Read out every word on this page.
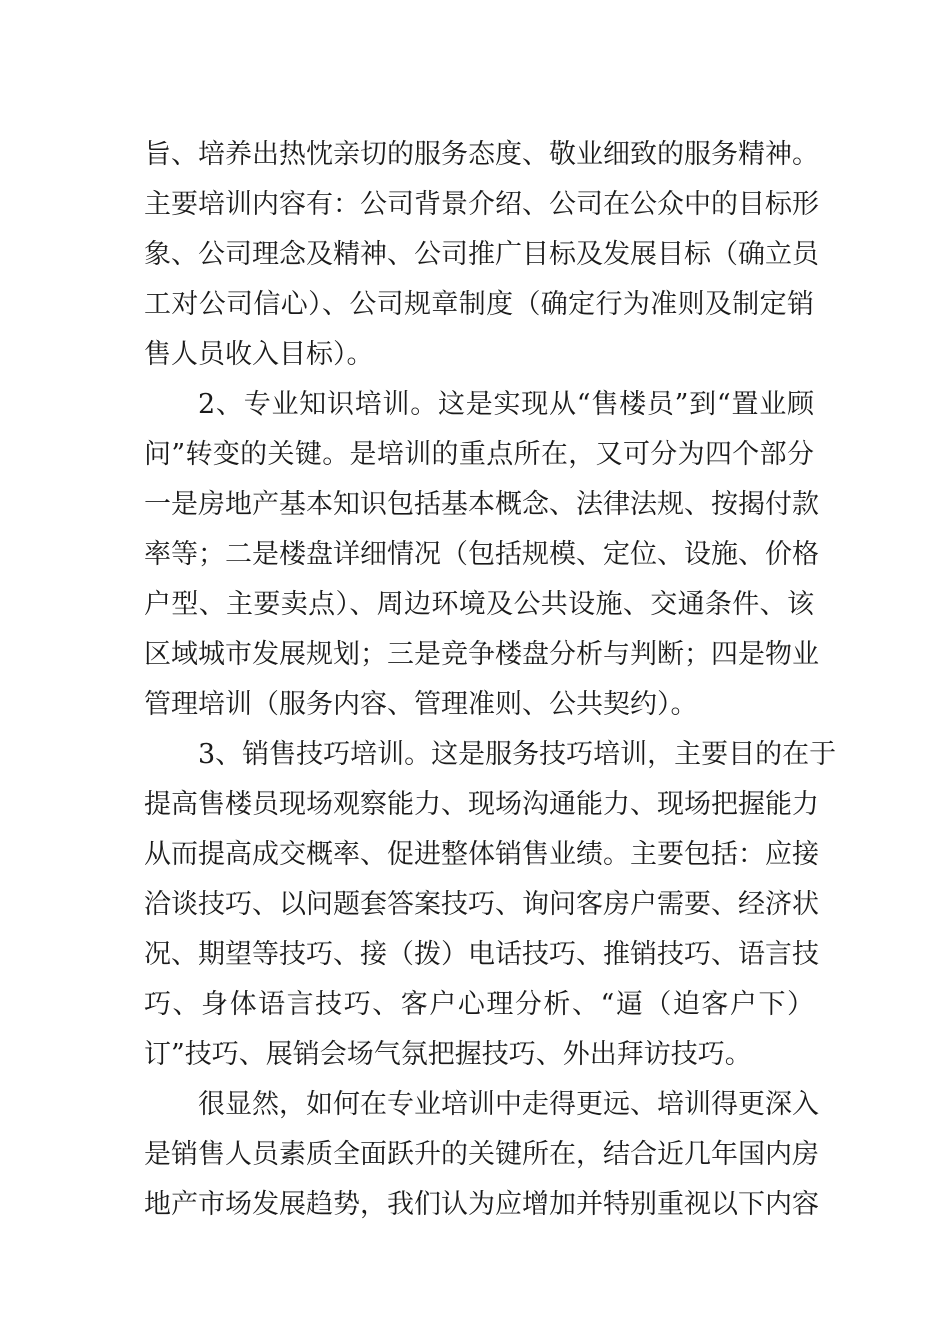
旨、培养出热忱亲切的服务态度、敬业细致的服务精神。
主要培训内容有：公司背景介绍、公司在公众中的目标形
象、公司理念及精神、公司推广目标及发展目标（确立员
工对公司信心）、公司规章制度（确定行为准则及制定销
售人员收入目标）。
2、专业知识培训。这是实现从“售楼员”到“置业顾
问”转变的关键。是培训的重点所在，又可分为四个部分
一是房地产基本知识包括基本概念、法律法规、按揭付款
率等；二是楼盘详细情况（包括规模、定位、设施、价格
户型、主要卖点）、周边环境及公共设施、交通条件、该
区域城市发展规划；三是竞争楼盘分析与判断；四是物业
管理培训（服务内容、管理准则、公共契约）。
3、销售技巧培训。这是服务技巧培训，主要目的在于
提高售楼员现场观察能力、现场沟通能力、现场把握能力
从而提高成交概率、促进整体销售业绩。主要包括：应接
洽谈技巧、以问题套答案技巧、询问客房户需要、经济状
况、期望等技巧、接（拨）电话技巧、推销技巧、语言技
巧、身体语言技巧、客户心理分析、“逼（迫客户下）
订”技巧、展销会场气氛把握技巧、外出拜访技巧。
很显然，如何在专业培训中走得更远、培训得更深入
是销售人员素质全面跃升的关键所在，结合近几年国内房
地产市场发展趋势，我们认为应增加并特别重视以下内容
